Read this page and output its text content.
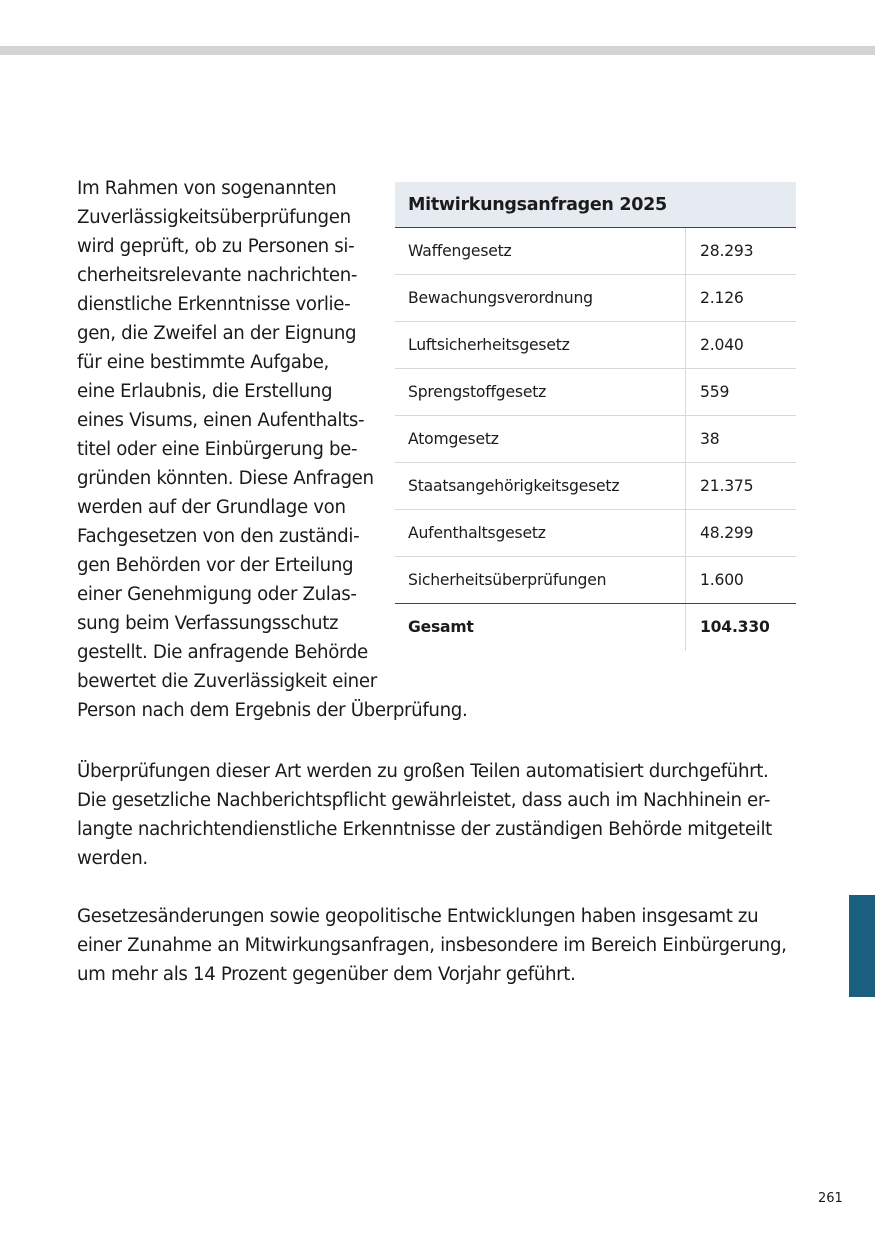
Im Rahmen von sogenannten
Zuverlässigkeitsüberprüfungen
wird geprüft, ob zu Personen si-
cherheitsrelevante nachrichten-
dienstliche Erkenntnisse vorlie-
gen, die Zweifel an der Eignung
für eine bestimmte Aufgabe,
eine Erlaubnis, die Erstellung
eines Visums, einen Aufenthalts-
titel oder eine Einbürgerung be-
gründen könnten. Diese Anfragen
werden auf der Grundlage von
Fachgesetzen von den zuständi-
gen Behörden vor der Erteilung
einer Genehmigung oder Zulas-
sung beim Verfassungsschutz
gestellt. Die anfragende Behörde
bewertet die Zuverlässigkeit einer
Person nach dem Ergebnis der Überprüfung.
Mitwirkungsanfragen 2025
Waffengesetz	28.293
Bewachungsverordnung	2.126
Luftsicherheitsgesetz	2.040
Sprengstoffgesetz	559
Atomgesetz	38
Staatsangehörigkeitsgesetz	21.375
Aufenthaltsgesetz	48.299
Sicherheitsüberprüfungen	1.600
Gesamt	104.330
Überprüfungen dieser Art werden zu großen Teilen automatisiert durchgeführt.
Die gesetzliche Nachberichtspflicht gewährleistet, dass auch im Nachhinein er-
langte nachrichtendienstliche Erkenntnisse der zuständigen Behörde mitgeteilt
werden.
Gesetzesänderungen sowie geopolitische Entwicklungen haben insgesamt zu
einer Zunahme an Mitwirkungsanfragen, insbesondere im Bereich Einbürgerung,
um mehr als 14 Prozent gegenüber dem Vorjahr geführt.
261
